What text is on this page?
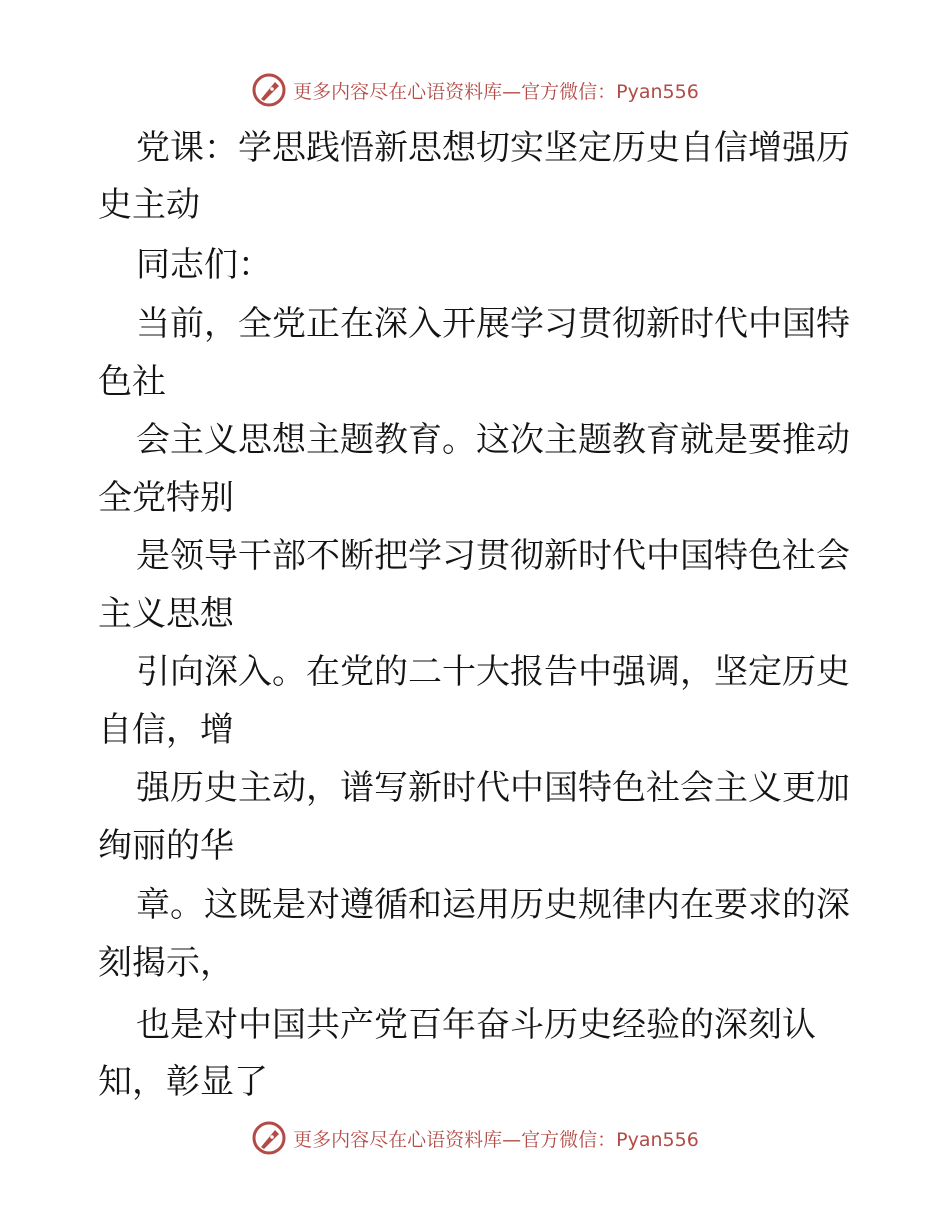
更多内容尽在心语资料库—官方微信：Pyan556
党课：学思践悟新思想切实坚定历史自信增强历
史主动
同志们：
当前，全党正在深入开展学习贯彻新时代中国特
色社
会主义思想主题教育。这次主题教育就是要推动
全党特别
是领导干部不断把学习贯彻新时代中国特色社会
主义思想
引向深入。在党的二十大报告中强调，坚定历史
自信，增
强历史主动，谱写新时代中国特色社会主义更加
绚丽的华
章。这既是对遵循和运用历史规律内在要求的深
刻揭示，
也是对中国共产党百年奋斗历史经验的深刻认
知，彰显了
更多内容尽在心语资料库—官方微信：Pyan556
